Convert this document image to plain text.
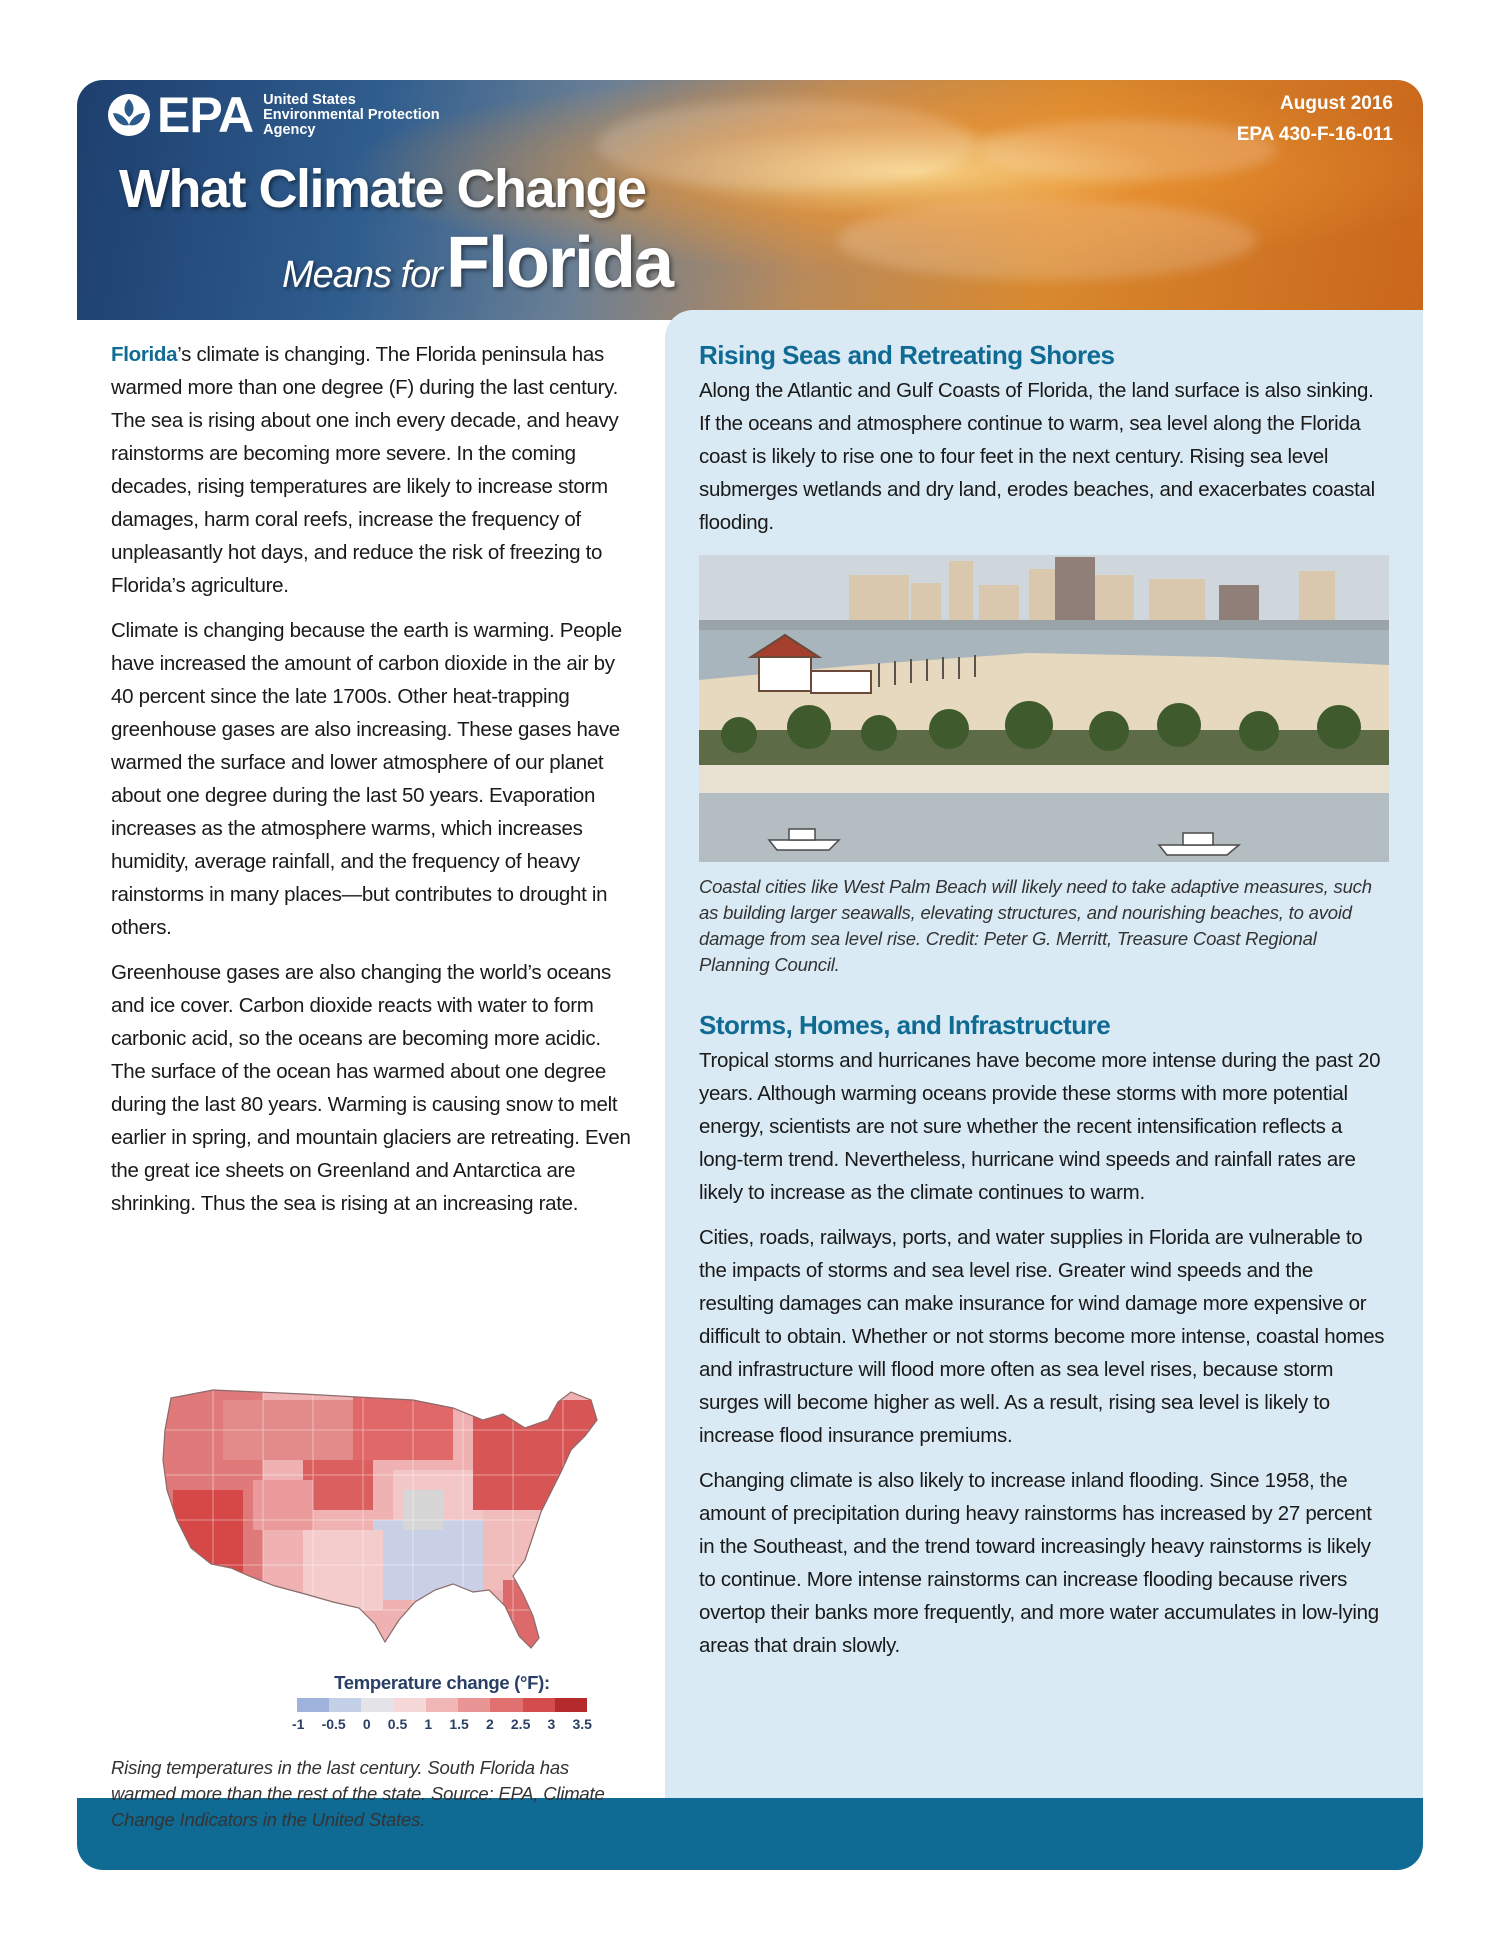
EPA United States
Environmental Protection
Agency
August 2016
EPA 430-F-16-011
What Climate Change
Means forFlorida

Florida’s climate is changing. The Florida peninsula has warmed more than one degree (F) during the last century. The sea is rising about one inch every decade, and heavy rainstorms are becoming more severe. In the coming decades, rising temperatures are likely to increase storm damages, harm coral reefs, increase the frequency of unpleasantly hot days, and reduce the risk of freezing to Florida’s agriculture.

Climate is changing because the earth is warming. People have increased the amount of carbon dioxide in the air by 40 percent since the late 1700s. Other heat-trapping greenhouse gases are also increasing. These gases have warmed the surface and lower atmosphere of our planet about one degree during the last 50 years. Evaporation increases as the atmosphere warms, which increases humidity, average rainfall, and the frequency of heavy rainstorms in many places—but contributes to drought in others.

Greenhouse gases are also changing the world’s oceans and ice cover. Carbon dioxide reacts with water to form carbonic acid, so the oceans are becoming more acidic. The surface of the ocean has warmed about one degree during the last 80 years. Warming is causing snow to melt earlier in spring, and mountain glaciers are retreating. Even the great ice sheets on Greenland and Antarctica are shrinking. Thus the sea is rising at an increasing rate.

Temperature change (°F):
-1 -0.5 0 0.5 1 1.5 2 2.5 3 3.5

Rising temperatures in the last century. South Florida has warmed more than the rest of the state. Source: EPA, Climate Change Indicators in the United States.

Rising Seas and Retreating Shores

Along the Atlantic and Gulf Coasts of Florida, the land surface is also sinking. If the oceans and atmosphere continue to warm, sea level along the Florida coast is likely to rise one to four feet in the next century. Rising sea level submerges wetlands and dry land, erodes beaches, and exacerbates coastal flooding.

Coastal cities like West Palm Beach will likely need to take adaptive measures, such as building larger seawalls, elevating structures, and nourishing beaches, to avoid damage from sea level rise. Credit: Peter G. Merritt, Treasure Coast Regional Planning Council.

Storms, Homes, and Infrastructure

Tropical storms and hurricanes have become more intense during the past 20 years. Although warming oceans provide these storms with more potential energy, scientists are not sure whether the recent intensification reflects a long-term trend. Nevertheless, hurricane wind speeds and rainfall rates are likely to increase as the climate continues to warm.

Cities, roads, railways, ports, and water supplies in Florida are vulnerable to the impacts of storms and sea level rise. Greater wind speeds and the resulting damages can make insurance for wind damage more expensive or difficult to obtain. Whether or not storms become more intense, coastal homes and infrastructure will flood more often as sea level rises, because storm surges will become higher as well. As a result, rising sea level is likely to increase flood insurance premiums.

Changing climate is also likely to increase inland flooding. Since 1958, the amount of precipitation during heavy rainstorms has increased by 27 percent in the Southeast, and the trend toward increasingly heavy rainstorms is likely to continue. More intense rainstorms can increase flooding because rivers overtop their banks more frequently, and more water accumulates in low-lying areas that drain slowly.
